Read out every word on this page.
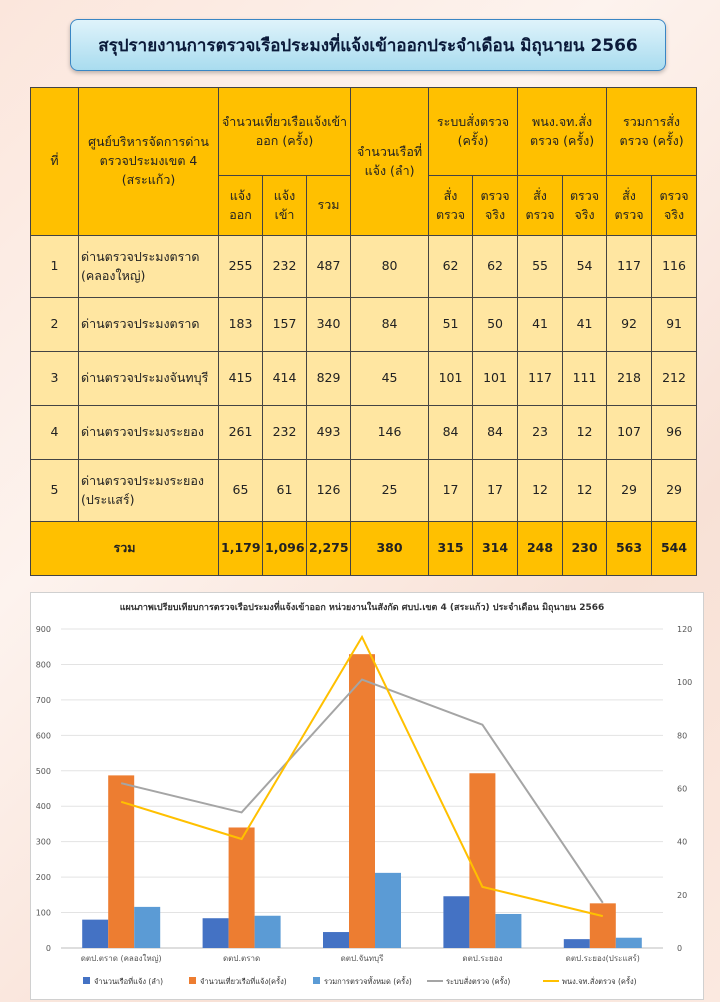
สรุปรายงานการตรวจเรือประมงที่แจ้งเข้าออกประจำเดือน มิถุนายน 2566
ที่	ศูนย์บริหารจัดการด่านตรวจประมงเขต 4 (สระแก้ว)	จำนวนเที่ยวเรือแจ้งเข้าออก (ครั้ง)			จำนวนเรือที่แจ้ง (ลำ)	ระบบสั่งตรวจ (ครั้ง)		พนง.จท.สั่งตรวจ (ครั้ง)		รวมการสั่งตรวจ (ครั้ง)	
		แจ้งออก	แจ้งเข้า	รวม		สั่งตรวจ	ตรวจจริง	สั่งตรวจ	ตรวจจริง	สั่งตรวจ	ตรวจจริง
1	ด่านตรวจประมงตราด (คลองใหญ่)	255	232	487	80	62	62	55	54	117	116
2	ด่านตรวจประมงตราด	183	157	340	84	51	50	41	41	92	91
3	ด่านตรวจประมงจันทบุรี	415	414	829	45	101	101	117	111	218	212
4	ด่านตรวจประมงระยอง	261	232	493	146	84	84	23	12	107	96
5	ด่านตรวจประมงระยอง (ประแสร์)	65	61	126	25	17	17	12	12	29	29
รวม		1,179	1,096	2,275	380	315	314	248	230	563	544
แผนภาพเปรียบเทียบการตรวจเรือประมงที่แจ้งเข้าออก หน่วยงานในสังกัด ศบป.เขต 4 (สระแก้ว) ประจำเดือน มิถุนายน 2566
0
100
200
300
400
500
600
700
800
900
0
20
40
60
80
100
120
ดตป.ตราด (คลองใหญ่)	ดตป.ตราด	ดตป.จันทบุรี	ดตป.ระยอง	ดตป.ระยอง(ประแสร์)
จำนวนเรือที่แจ้ง (ลำ)	จำนวนเที่ยวเรือที่แจ้ง(ครั้ง)	รวมการตรวจทั้งหมด (ครั้ง)	ระบบสั่งตรวจ (ครั้ง)	พนง.จท.สั่งตรวจ (ครั้ง)
